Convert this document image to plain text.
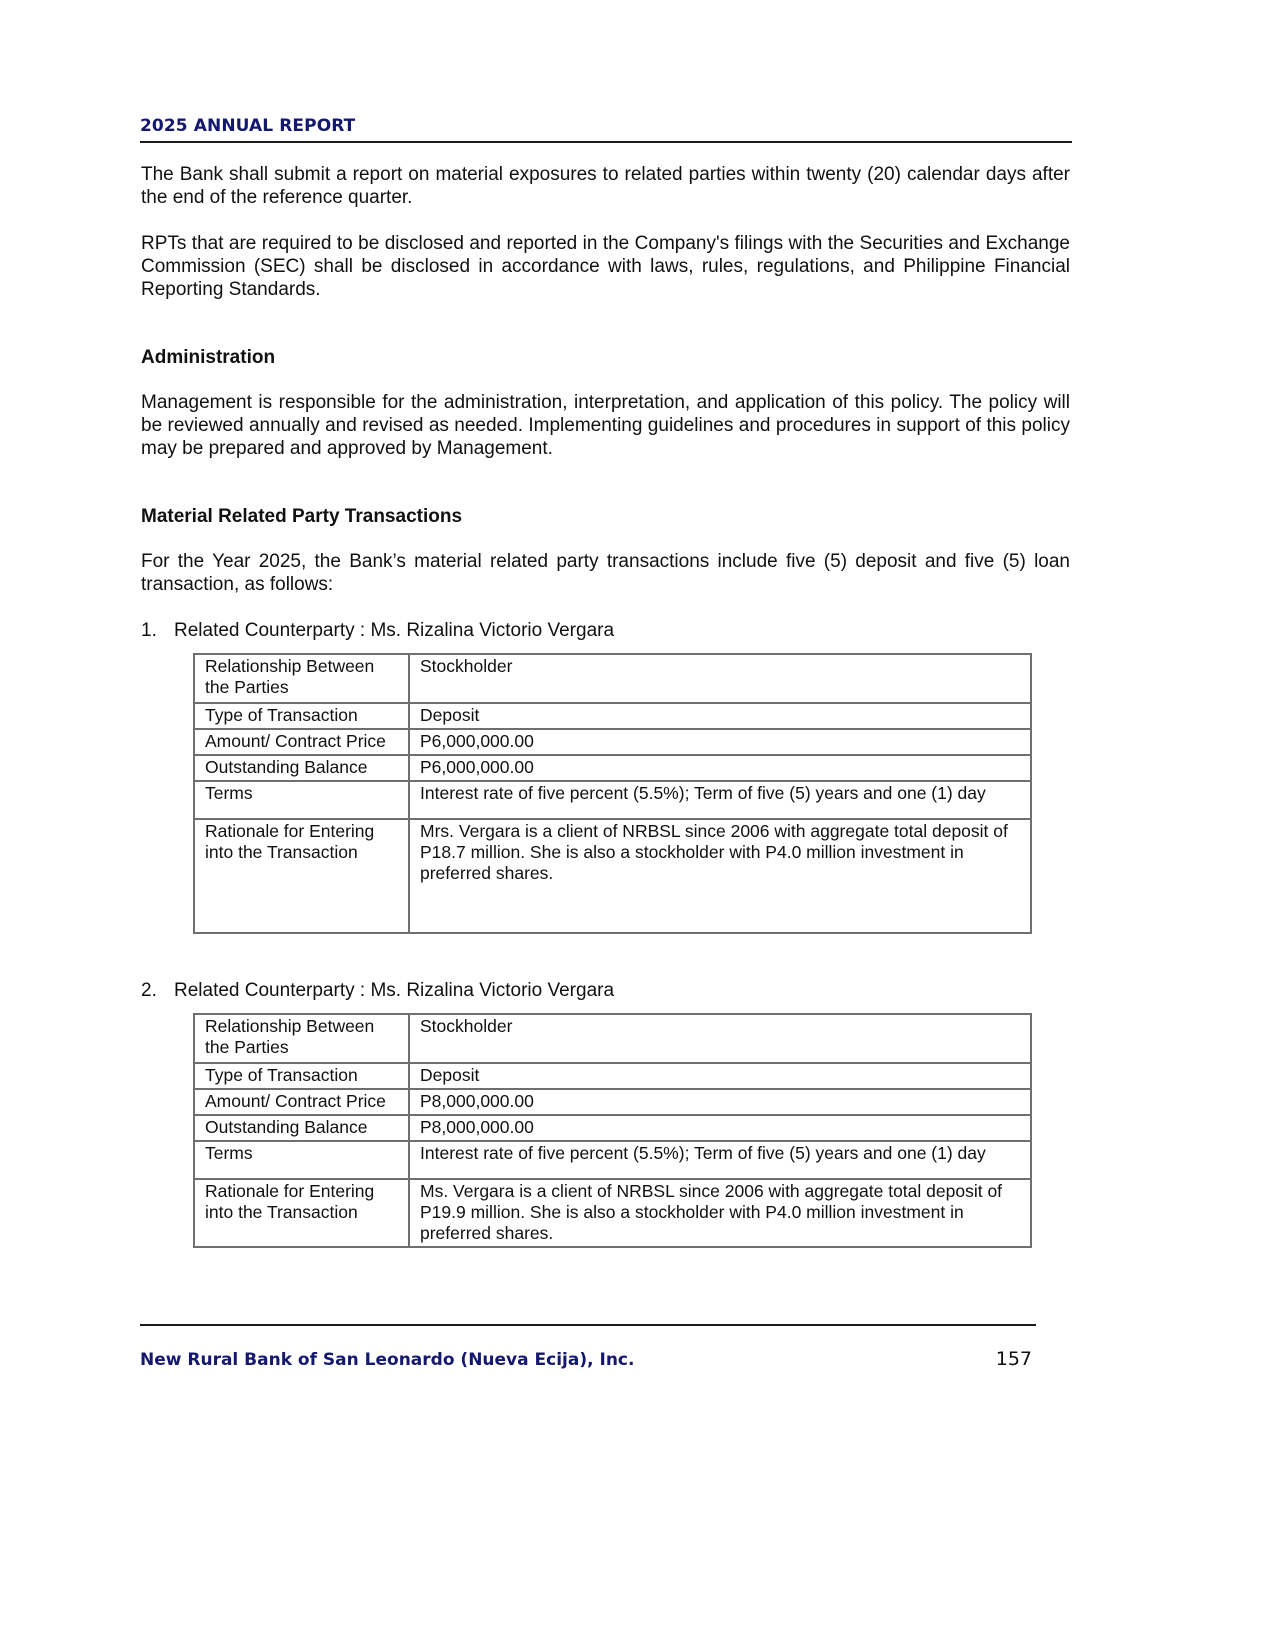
2025 ANNUAL REPORT

The Bank shall submit a report on material exposures to related parties within twenty (20) calendar days after the end of the reference quarter.

RPTs that are required to be disclosed and reported in the Company's filings with the Securities and Exchange Commission (SEC) shall be disclosed in accordance with laws, rules, regulations, and Philippine Financial Reporting Standards.

Administration

Management is responsible for the administration, interpretation, and application of this policy. The policy will be reviewed annually and revised as needed. Implementing guidelines and procedures in support of this policy may be prepared and approved by Management.

Material Related Party Transactions

For the Year 2025, the Bank’s material related party transactions include five (5) deposit and five (5) loan transaction, as follows:

1. Related Counterparty : Ms. Rizalina Victorio Vergara
Relationship Between the Parties	Stockholder
Type of Transaction	Deposit
Amount/ Contract Price	P6,000,000.00
Outstanding Balance	P6,000,000.00
Terms	Interest rate of five percent (5.5%); Term of five (5) years and one (1) day
Rationale for Entering into the Transaction	Mrs. Vergara is a client of NRBSL since 2006 with aggregate total deposit of P18.7 million. She is also a stockholder with P4.0 million investment in preferred shares.
2. Related Counterparty : Ms. Rizalina Victorio Vergara
Relationship Between the Parties	Stockholder
Type of Transaction	Deposit
Amount/ Contract Price	P8,000,000.00
Outstanding Balance	P8,000,000.00
Terms	Interest rate of five percent (5.5%); Term of five (5) years and one (1) day
Rationale for Entering into the Transaction	Ms. Vergara is a client of NRBSL since 2006 with aggregate total deposit of P19.9 million. She is also a stockholder with P4.0 million investment in preferred shares.
New Rural Bank of San Leonardo (Nueva Ecija), Inc.	157
